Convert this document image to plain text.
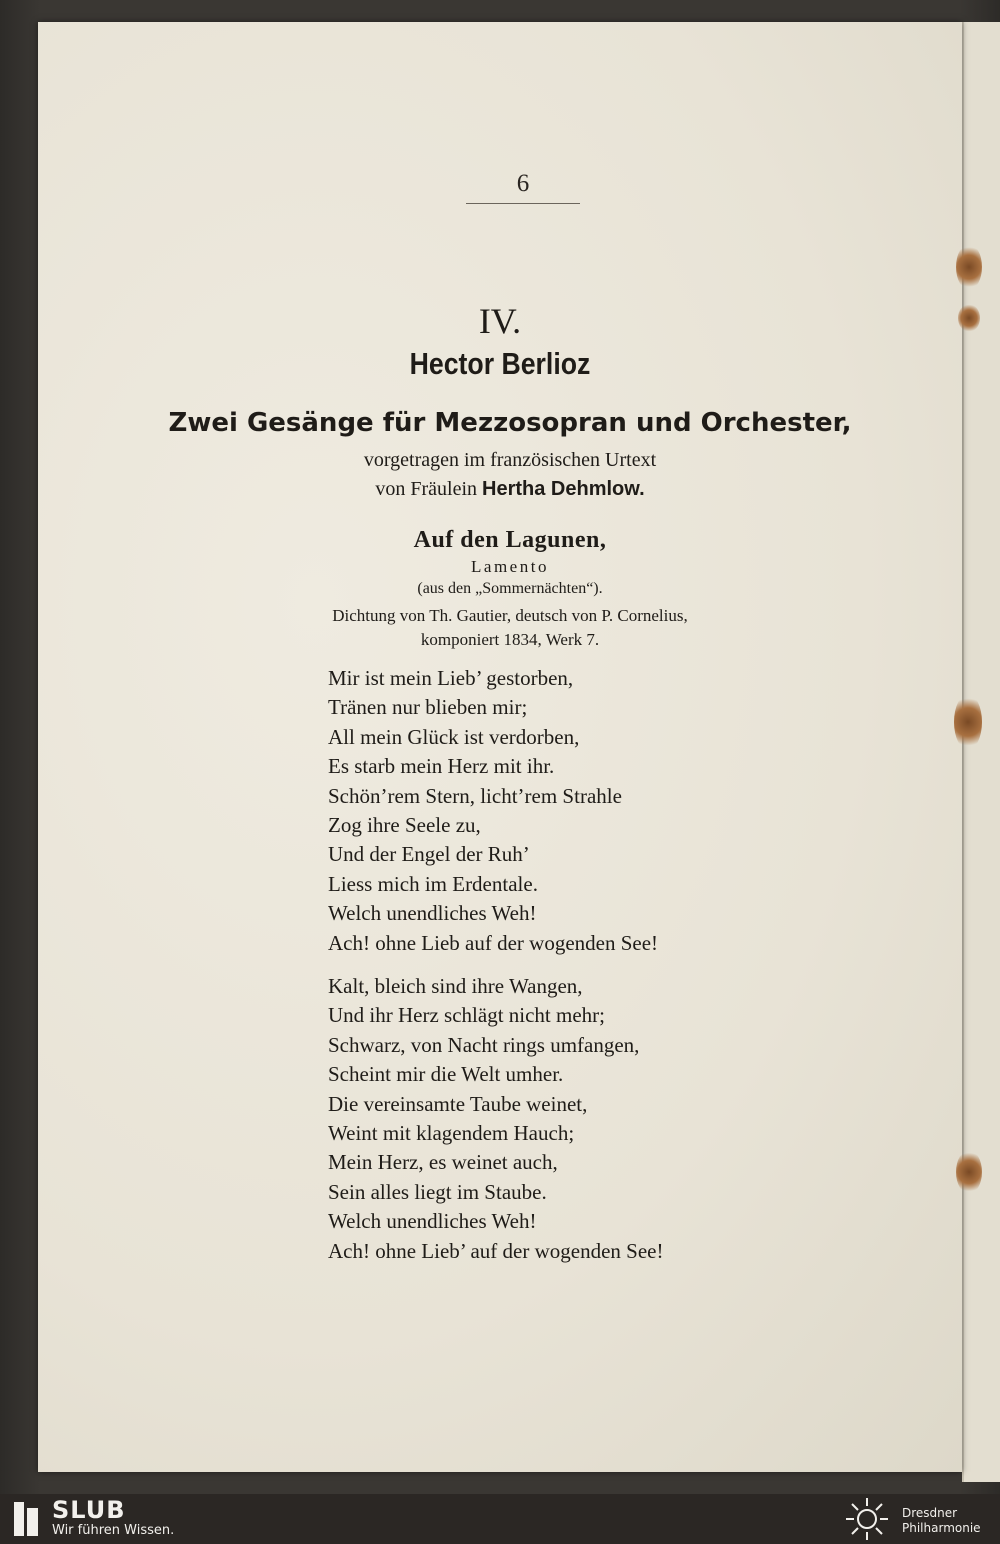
6
IV.
Hector Berlioz
Zwei Gesänge für Mezzosopran und Orchester,
vorgetragen im französischen Urtext
von Fräulein Hertha Dehmlow.
Auf den Lagunen,
Lamento
(aus den „Sommernächten“).
Dichtung von Th. Gautier, deutsch von P. Cornelius,
komponiert 1834, Werk 7.
Mir ist mein Lieb’ gestorben,
Tränen nur blieben mir;
All mein Glück ist verdorben,
Es starb mein Herz mit ihr.
Schön’rem Stern, licht’rem Strahle
Zog ihre Seele zu,
Und der Engel der Ruh’
Liess mich im Erdentale.
Welch unendliches Weh!
Ach! ohne Lieb auf der wogenden See!
Kalt, bleich sind ihre Wangen,
Und ihr Herz schlägt nicht mehr;
Schwarz, von Nacht rings umfangen,
Scheint mir die Welt umher.
Die vereinsamte Taube weinet,
Weint mit klagendem Hauch;
Mein Herz, es weinet auch,
Sein alles liegt im Staube.
Welch unendliches Weh!
Ach! ohne Lieb’ auf der wogenden See!
SLUB
Wir führen Wissen.
Dresdner
Philharmonie
